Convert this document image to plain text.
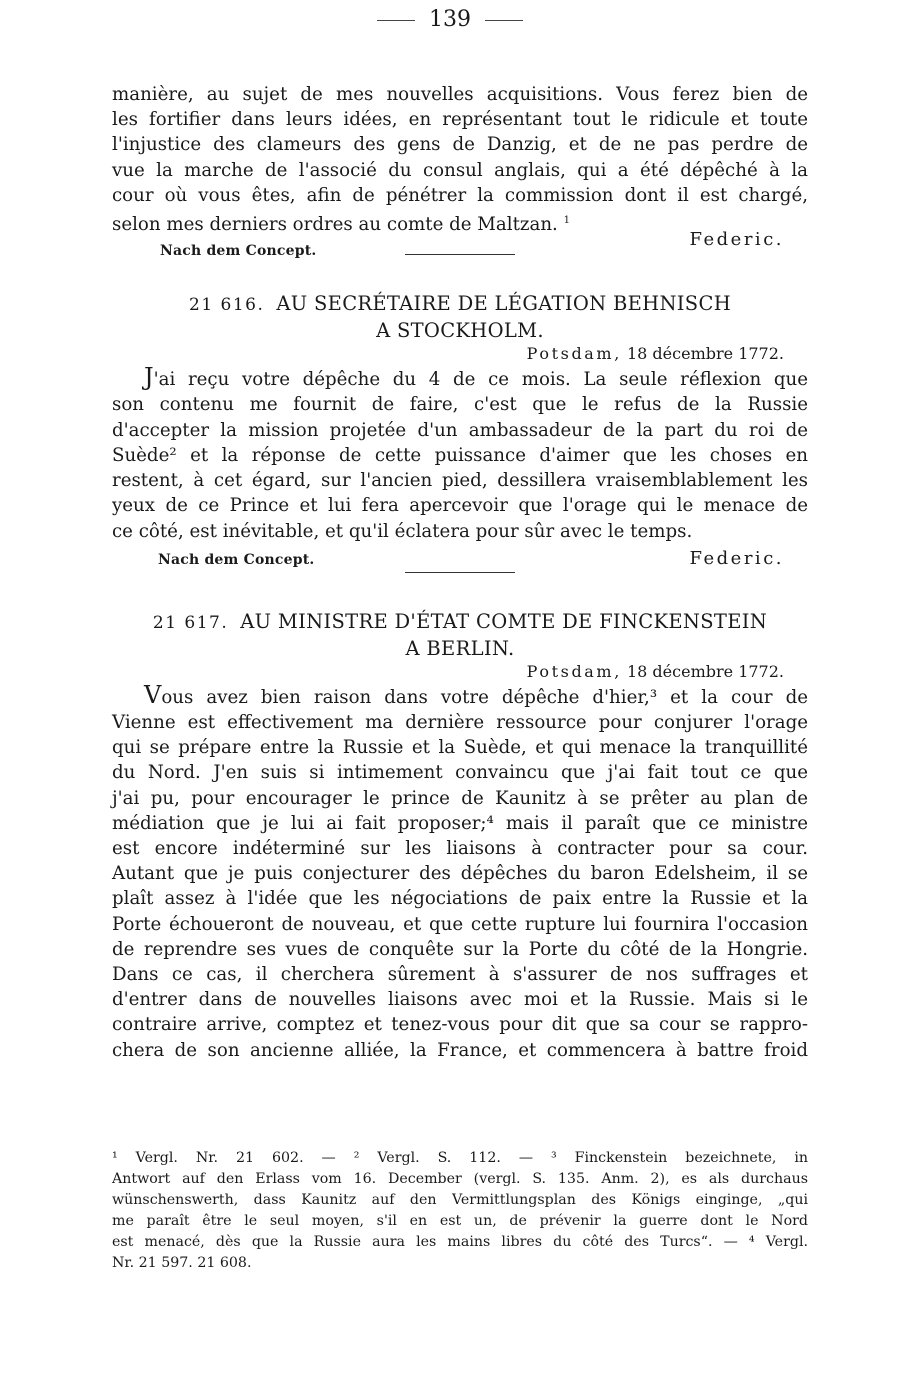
139

manière, au sujet de mes nouvelles acquisitions. Vous ferez bien de

les fortifier dans leurs idées, en représentant tout le ridicule et toute

l'injustice des clameurs des gens de Danzig, et de ne pas perdre de

vue la marche de l'associé du consul anglais, qui a été dépêché à la

cour où vous êtes, afin de pénétrer la commission dont il est chargé,

selon mes derniers ordres au comte de Maltzan. $^1$

Nach dem Concept.
Federic.
21 616. AU SECRÉTAIRE DE LÉGATION BEHNISCH
A STOCKHOLM.
Potsdam, 18 décembre 1772.

J'ai reçu votre dépêche du 4 de ce mois. La seule réflexion que

son contenu me fournit de faire, c'est que le refus de la Russie

d'accepter la mission projetée d'un ambassadeur de la part du roi de

Suède² et la réponse de cette puissance d'aimer que les choses en

restent, à cet égard, sur l'ancien pied, dessillera vraisemblablement les

yeux de ce Prince et lui fera apercevoir que l'orage qui le menace de

ce côté, est inévitable, et qu'il éclatera pour sûr avec le temps.

Nach dem Concept.	Federic.
21 617. AU MINISTRE D'ÉTAT COMTE DE FINCKENSTEIN
A BERLIN.
Potsdam, 18 décembre 1772.

Vous avez bien raison dans votre dépêche d'hier,³ et la cour de

Vienne est effectivement ma dernière ressource pour conjurer l'orage

qui se prépare entre la Russie et la Suède, et qui menace la tranquillité

du Nord. J'en suis si intimement convaincu que j'ai fait tout ce que

j'ai pu, pour encourager le prince de Kaunitz à se prêter au plan de

médiation que je lui ai fait proposer;⁴ mais il paraît que ce ministre

est encore indéterminé sur les liaisons à contracter pour sa cour.

Autant que je puis conjecturer des dépêches du baron Edelsheim, il se

plaît assez à l'idée que les négociations de paix entre la Russie et la

Porte échoueront de nouveau, et que cette rupture lui fournira l'occasion

de reprendre ses vues de conquête sur la Porte du côté de la Hongrie.

Dans ce cas, il cherchera sûrement à s'assurer de nos suffrages et

d'entrer dans de nouvelles liaisons avec moi et la Russie. Mais si le

contraire arrive, comptez et tenez-vous pour dit que sa cour se rappro-

chera de son ancienne alliée, la France, et commencera à battre froid

¹ Vergl. Nr. 21 602. — ² Vergl. S. 112. — ³ Finckenstein bezeichnete, in
Antwort auf den Erlass vom 16. December (vergl. S. 135. Anm. 2), es als durchaus
wünschenswerth, dass Kaunitz auf den Vermittlungsplan des Königs einginge, „qui
me paraît être le seul moyen, s'il en est un, de prévenir la guerre dont le Nord
est menacé, dès que la Russie aura les mains libres du côté des Turcs“. — ⁴ Vergl.
Nr. 21 597. 21 608.
